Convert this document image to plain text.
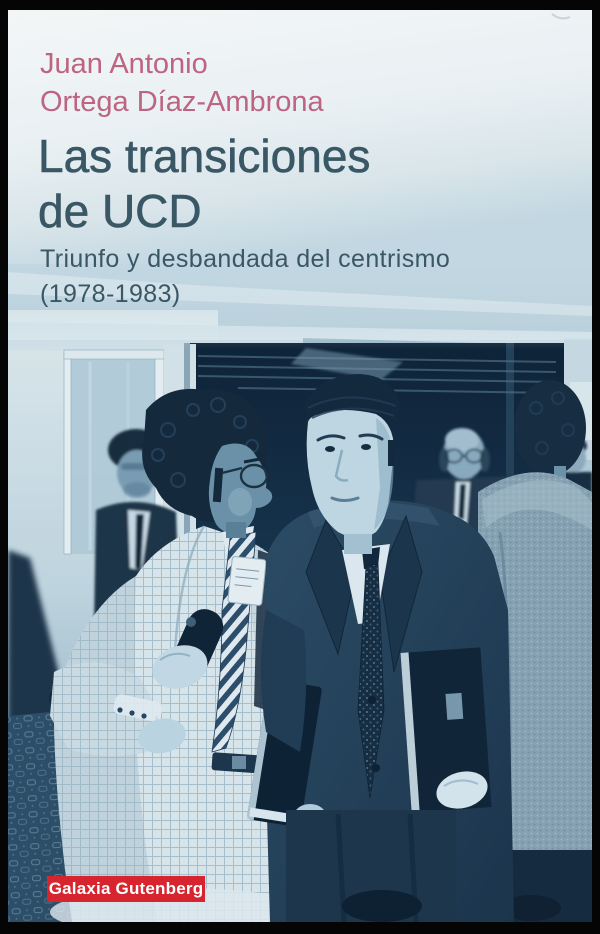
Juan Antonio
Ortega Díaz-Ambrona
Las transiciones
de UCD
Triunfo y desbandada del centrismo
(1978-1983)
Galaxia Gutenberg
